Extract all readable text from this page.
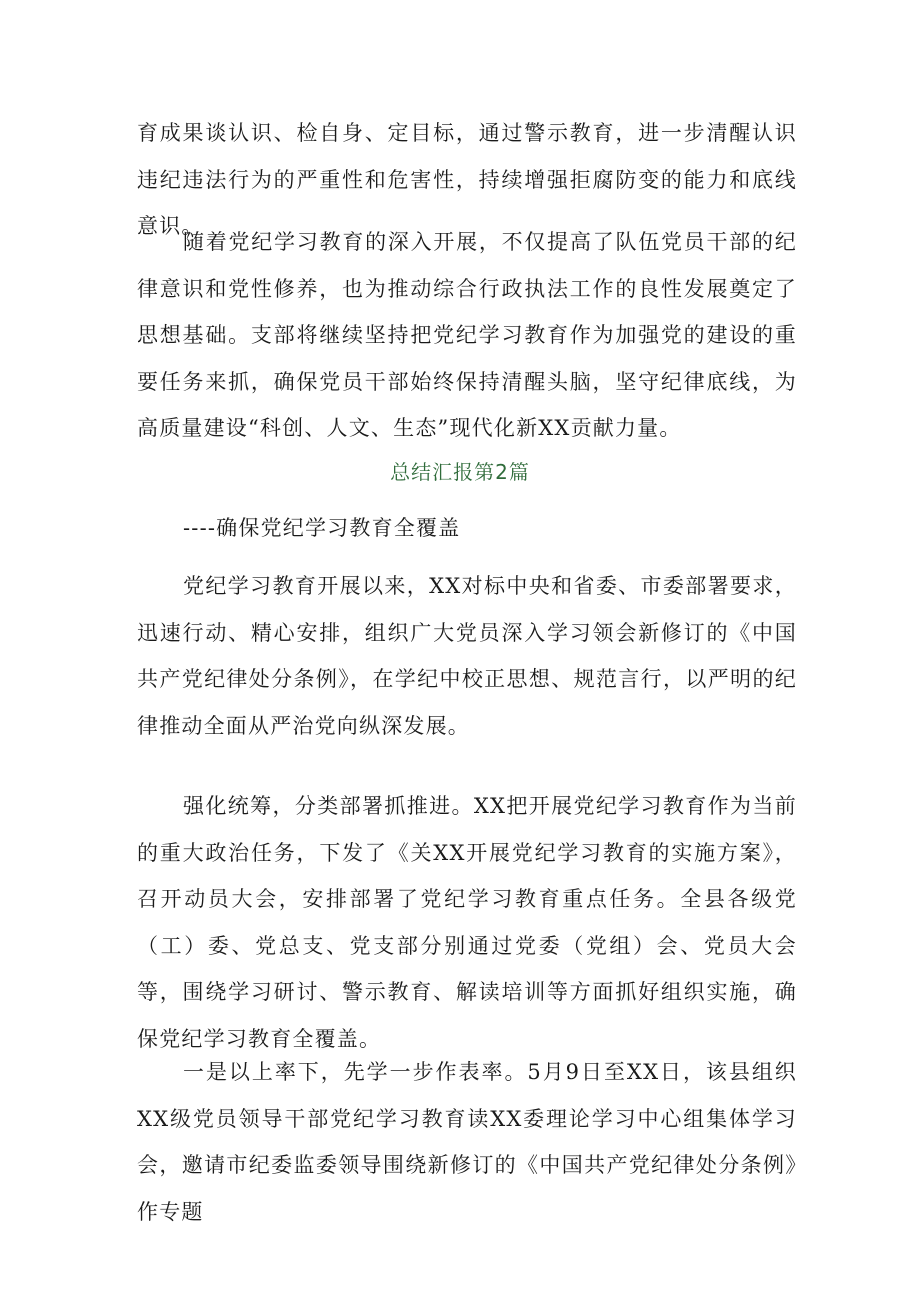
育成果谈认识、检自身、定目标，通过警示教育，进一步清醒认识违纪违法行为的严重性和危害性，持续增强拒腐防变的能力和底线意识。

随着党纪学习教育的深入开展，不仅提高了队伍党员干部的纪律意识和党性修养，也为推动综合行政执法工作的良性发展奠定了思想基础。支部将继续坚持把党纪学习教育作为加强党的建设的重要任务来抓，确保党员干部始终保持清醒头脑，坚守纪律底线，为高质量建设“科创、人文、生态”现代化新XX贡献力量。

总结汇报第2篇

----确保党纪学习教育全覆盖

党纪学习教育开展以来，XX对标中央和省委、市委部署要求，迅速行动、精心安排，组织广大党员深入学习领会新修订的《中国共产党纪律处分条例》，在学纪中校正思想、规范言行，以严明的纪律推动全面从严治党向纵深发展。

强化统筹，分类部署抓推进。XX把开展党纪学习教育作为当前的重大政治任务，下发了《关XX开展党纪学习教育的实施方案》，召开动员大会，安排部署了党纪学习教育重点任务。全县各级党（工）委、党总支、党支部分别通过党委（党组）会、党员大会等，围绕学习研讨、警示教育、解读培训等方面抓好组织实施，确保党纪学习教育全覆盖。

一是以上率下，先学一步作表率。5月9日至XX日，该县组织XX级党员领导干部党纪学习教育读XX委理论学习中心组集体学习会，邀请市纪委监委领导围绕新修订的《中国共产党纪律处分条例》作专题
